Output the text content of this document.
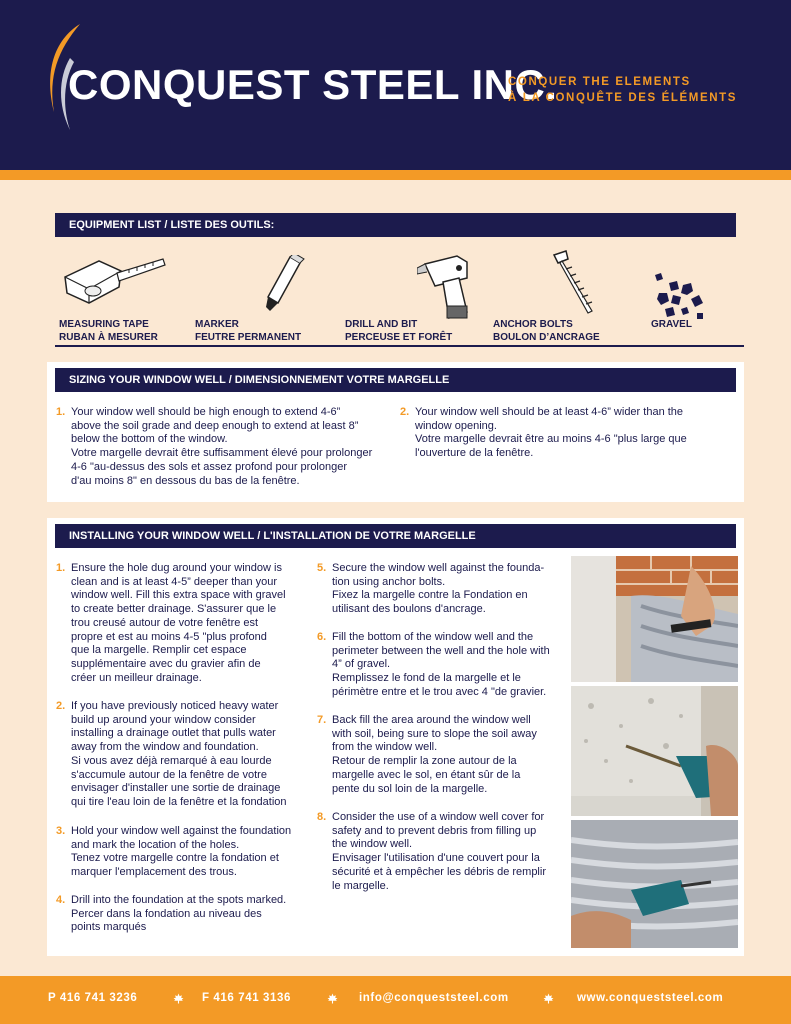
CONQUEST STEEL INC.
CONQUER THE ELEMENTS
À LA CONQUÊTE DES ÉLÉMENTS
EQUIPMENT LIST / LISTE DES OUTILS:
MEASURING TAPE
RUBAN À MESURER
MARKER
FEUTRE PERMANENT
DRILL AND BIT
PERCEUSE ET FORÊT
ANCHOR BOLTS
BOULON D’ANCRAGE
GRAVEL
SIZING YOUR WINDOW WELL / DIMENSIONNEMENT VOTRE MARGELLE
1. Your window well should be high enough to extend 4-6”
above the soil grade and deep enough to extend at least 8”
below the bottom of the window.
Votre margelle devrait être suffisamment élevé pour prolonger
4-6 "au-dessus des sols et assez profond pour prolonger
d'au moins 8" en dessous du bas de la fenêtre.
2. Your window well should be at least 4-6” wider than the
window opening.
Votre margelle devrait être au moins 4-6 "plus large que
l'ouverture de la fenêtre.
INSTALLING YOUR WINDOW WELL / L'INSTALLATION DE VOTRE MARGELLE
1. Ensure the hole dug around your window is
clean and is at least 4-5” deeper than your
window well. Fill this extra space with gravel
to create better drainage. S'assurer que le
trou creusé autour de votre fenêtre est
propre et est au moins 4-5 "plus profond
que la margelle. Remplir cet espace
supplémentaire avec du gravier afin de
créer un meilleur drainage.
2. If you have previously noticed heavy water
build up around your window consider
installing a drainage outlet that pulls water
away from the window and foundation.
Si vous avez déjà remarqué à eau lourde
s'accumule autour de la fenêtre de votre
envisager d'installer une sortie de drainage
qui tire l'eau loin de la fenêtre et la fondation
3. Hold your window well against the foundation
and mark the location of the holes.
Tenez votre margelle contre la fondation et
marquer l'emplacement des trous.
4. Drill into the foundation at the spots marked.
Percer dans la fondation au niveau des
points marqués
5. Secure the window well against the founda-
tion using anchor bolts.
Fixez la margelle contre la Fondation en
utilisant des boulons d'ancrage.
6. Fill the bottom of the window well and the
perimeter between the well and the hole with
4” of gravel.
Remplissez le fond de la margelle et le
périmètre entre et le trou avec 4 "de gravier.
7. Back fill the area around the window well
with soil, being sure to slope the soil away
from the window well.
Retour de remplir la zone autour de la
margelle avec le sol, en étant sûr de la
pente du sol loin de la margelle.
8. Consider the use of a window well cover for
safety and to prevent debris from filling up
the window well.
Envisager l'utilisation d'une couvert pour la
sécurité et à empêcher les débris de remplir
le margelle.
P 416 741 3236	F 416 741 3136	info@conqueststeel.com	www.conqueststeel.com
